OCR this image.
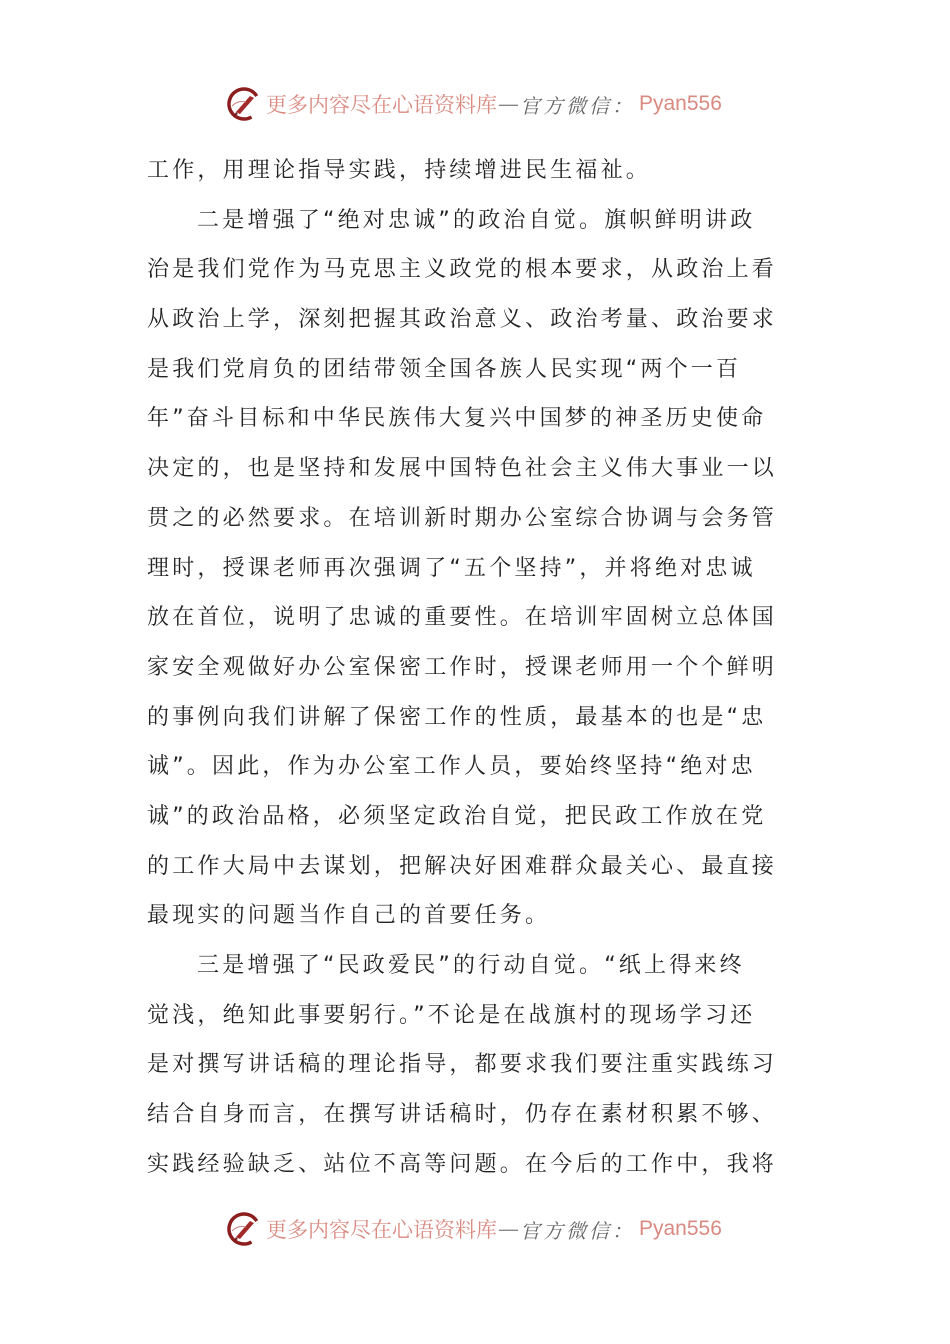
更多内容尽在心语资料库 — 官方微信： Pyan556
工作，用理论指导实践，持续增进民生福祉。
二是增强了“绝对忠诚”的政治自觉。旗帜鲜明讲政
治是我们党作为马克思主义政党的根本要求，从政治上看
从政治上学，深刻把握其政治意义、政治考量、政治要求
是我们党肩负的团结带领全国各族人民实现“两个一百
年”奋斗目标和中华民族伟大复兴中国梦的神圣历史使命
决定的，也是坚持和发展中国特色社会主义伟大事业一以
贯之的必然要求。在培训新时期办公室综合协调与会务管
理时，授课老师再次强调了“五个坚持”，并将绝对忠诚
放在首位，说明了忠诚的重要性。在培训牢固树立总体国
家安全观做好办公室保密工作时，授课老师用一个个鲜明
的事例向我们讲解了保密工作的性质，最基本的也是“忠
诚”。因此，作为办公室工作人员，要始终坚持“绝对忠
诚”的政治品格，必须坚定政治自觉，把民政工作放在党
的工作大局中去谋划，把解决好困难群众最关心、最直接
最现实的问题当作自己的首要任务。
三是增强了“民政爱民”的行动自觉。“纸上得来终
觉浅，绝知此事要躬行。”不论是在战旗村的现场学习还
是对撰写讲话稿的理论指导，都要求我们要注重实践练习
结合自身而言，在撰写讲话稿时，仍存在素材积累不够、
实践经验缺乏、站位不高等问题。在今后的工作中，我将
更多内容尽在心语资料库 — 官方微信： Pyan556
